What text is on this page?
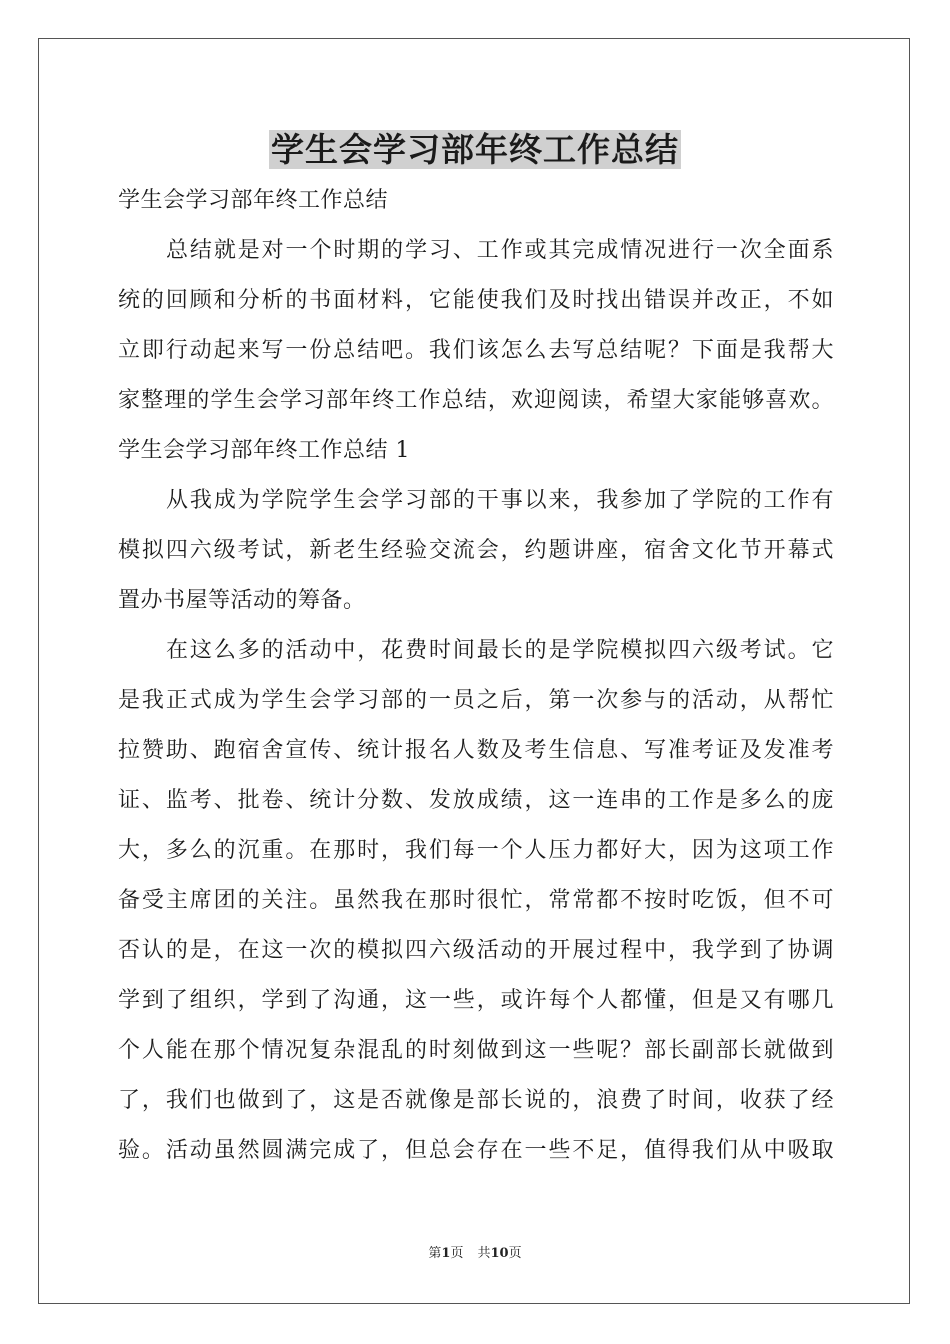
学生会学习部年终工作总结
学生会学习部年终工作总结
总结就是对一个时期的学习、工作或其完成情况进行一次全面系
统的回顾和分析的书面材料，它能使我们及时找出错误并改正，不如
立即行动起来写一份总结吧。我们该怎么去写总结呢？下面是我帮大
家整理的学生会学习部年终工作总结，欢迎阅读，希望大家能够喜欢。
学生会学习部年终工作总结 1
从我成为学院学生会学习部的干事以来，我参加了学院的工作有
模拟四六级考试，新老生经验交流会，约题讲座，宿舍文化节开幕式
置办书屋等活动的筹备。
在这么多的活动中，花费时间最长的是学院模拟四六级考试。它
是我正式成为学生会学习部的一员之后，第一次参与的活动，从帮忙
拉赞助、跑宿舍宣传、统计报名人数及考生信息、写准考证及发准考
证、监考、批卷、统计分数、发放成绩，这一连串的工作是多么的庞
大，多么的沉重。在那时，我们每一个人压力都好大，因为这项工作
备受主席团的关注。虽然我在那时很忙，常常都不按时吃饭，但不可
否认的是，在这一次的模拟四六级活动的开展过程中，我学到了协调
学到了组织，学到了沟通，这一些，或许每个人都懂，但是又有哪几
个人能在那个情况复杂混乱的时刻做到这一些呢？部长副部长就做到
了，我们也做到了，这是否就像是部长说的，浪费了时间，收获了经
验。活动虽然圆满完成了，但总会存在一些不足，值得我们从中吸取
第1页 共10页
